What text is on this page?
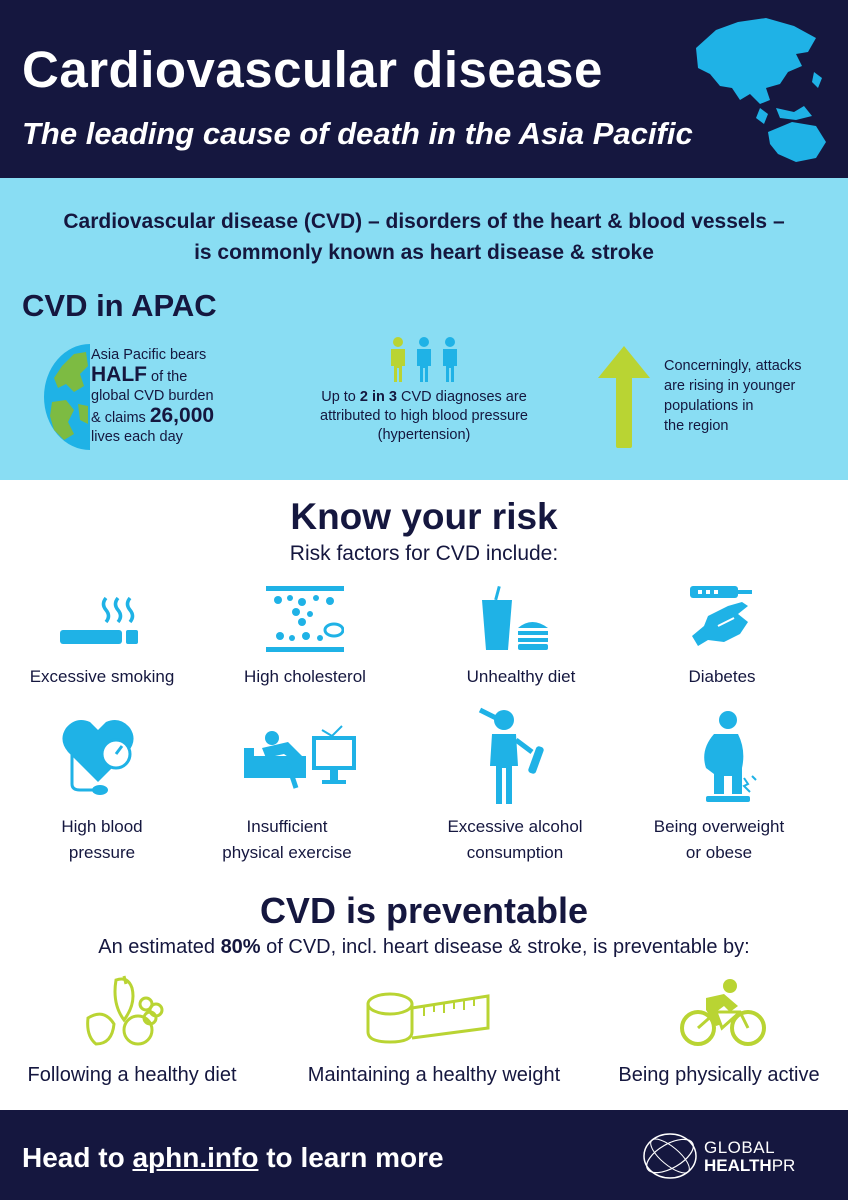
Cardiovascular disease
The leading cause of death in the Asia Pacific
Cardiovascular disease (CVD) – disorders of the heart & blood vessels –
is commonly known as heart disease & stroke
CVD in APAC
Asia Pacific bears
HALF of the
global CVD burden
& claims 26,000
lives each day
Up to 2 in 3 CVD diagnoses are attributed to high blood pressure (hypertension)
Concerningly, attacks
are rising in younger
populations in
the region
Know your risk
Risk factors for CVD include:
Excessive smoking	High cholesterol	Unhealthy diet	Diabetes
High blood
pressure
Insufficient
physical exercise
Excessive alcohol
consumption
Being overweight
or obese
CVD is preventable
An estimated 80% of CVD, incl. heart disease & stroke, is preventable by:
Following a healthy diet	Maintaining a healthy weight	Being physically active
Head to aphn.info to learn more	GLOBAL
HEALTHPR
